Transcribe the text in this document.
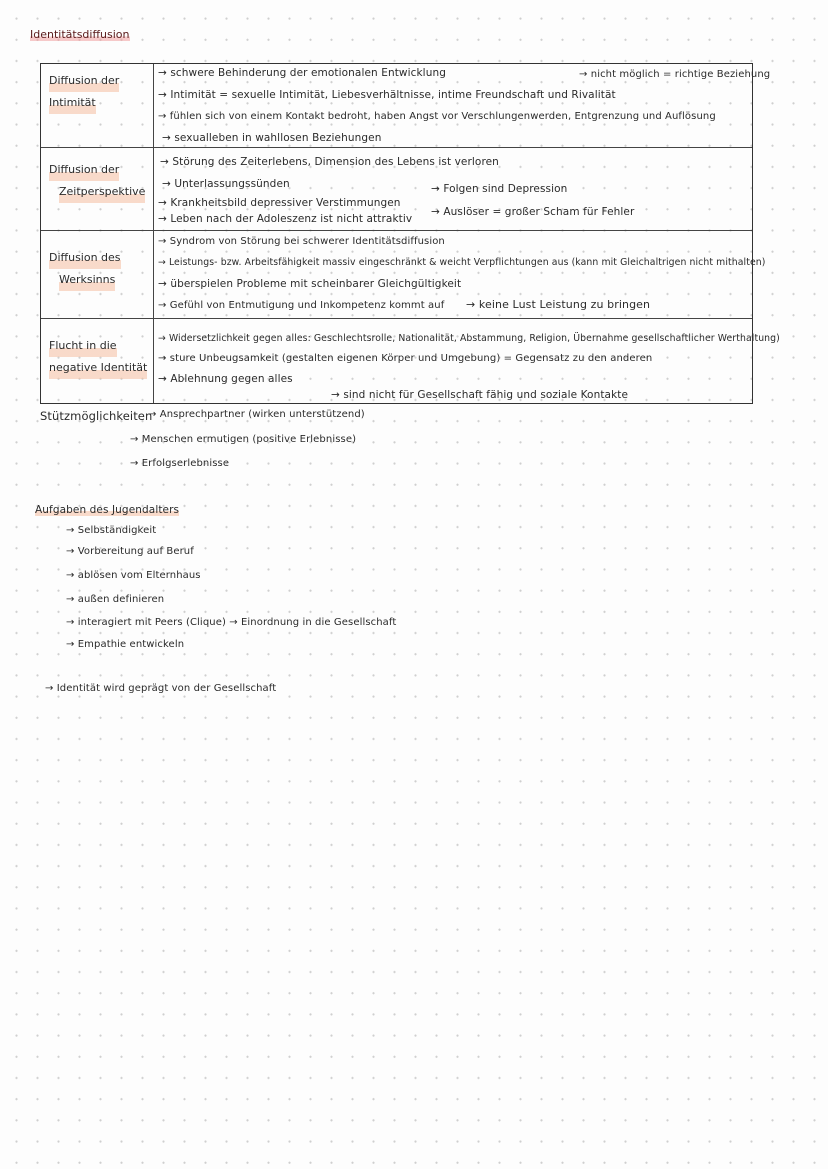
Identitätsdiffusion
Diffusion der
Intimität
→ schwere Behinderung der emotionalen Entwicklung
→ Intimität = sexuelle Intimität, Liebesverhältnisse, intime Freundschaft und Rivalität
→ fühlen sich von einem Kontakt bedroht, haben Angst vor Verschlungenwerden, Entgrenzung und Auflösung
→ sexualleben in wahllosen Beziehungen
→ nicht möglich = richtige Beziehung
Diffusion der
Zeitperspektive
→ Störung des Zeiterlebens, Dimension des Lebens ist verloren
→ Unterlassungssünden
→ Krankheitsbild depressiver Verstimmungen
→ Leben nach der Adoleszenz ist nicht attraktiv
→ Folgen sind Depression
→ Auslöser = großer Scham für Fehler
Diffusion des
Werksinns
→ Syndrom von Störung bei schwerer Identitätsdiffusion
→ Leistungs- bzw. Arbeitsfähigkeit massiv eingeschränkt & weicht Verpflichtungen aus (kann mit Gleichaltrigen nicht mithalten)
→ überspielen Probleme mit scheinbarer Gleichgültigkeit
→ Gefühl von Entmutigung und Inkompetenz kommt auf → keine Lust Leistung zu bringen
Flucht in die
negative Identität
→ Widersetzlichkeit gegen alles: Geschlechtsrolle, Nationalität, Abstammung, Religion, Übernahme gesellschaftlicher Werthaltung)
→ sture Unbeugsamkeit (gestalten eigenen Körper und Umgebung) = Gegensatz zu den anderen
→ Ablehnung gegen alles
→ sind nicht für Gesellschaft fähig und soziale Kontakte
Stützmöglichkeiten
→ Ansprechpartner (wirken unterstützend)
→ Menschen ermutigen (positive Erlebnisse)
→ Erfolgserlebnisse
Aufgaben des Jugendalters
→ Selbständigkeit
→ Vorbereitung auf Beruf
→ ablösen vom Elternhaus
→ außen definieren
→ interagiert mit Peers (Clique) → Einordnung in die Gesellschaft
→ Empathie entwickeln
→ Identität wird geprägt von der Gesellschaft
